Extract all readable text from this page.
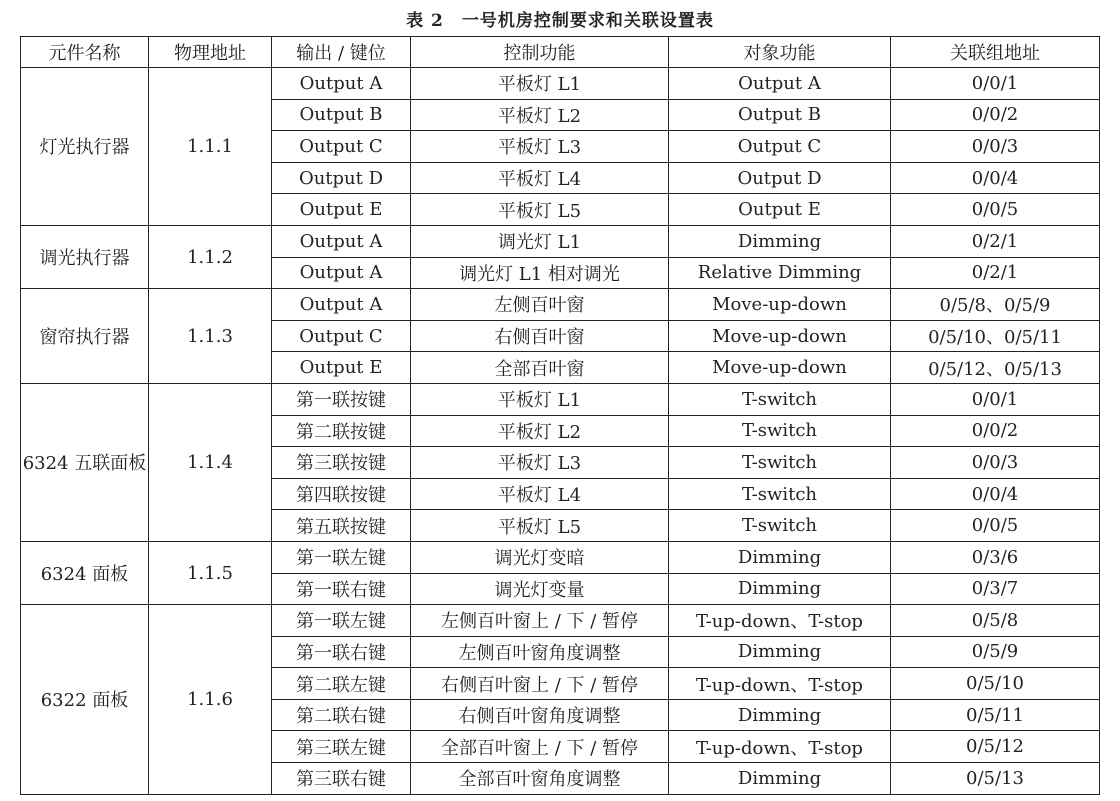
表 2　一号机房控制要求和关联设置表
元件名称	物理地址	输出 / 键位	控制功能	对象功能	关联组地址
灯光执行器	1.1.1	Output A	平板灯 L1	Output A	0/0/1
		Output B	平板灯 L2	Output B	0/0/2
		Output C	平板灯 L3	Output C	0/0/3
		Output D	平板灯 L4	Output D	0/0/4
		Output E	平板灯 L5	Output E	0/0/5
调光执行器	1.1.2	Output A	调光灯 L1	Dimming	0/2/1
		Output A	调光灯 L1 相对调光	Relative Dimming	0/2/1
窗帘执行器	1.1.3	Output A	左侧百叶窗	Move-up-down	0/5/8、0/5/9
		Output C	右侧百叶窗	Move-up-down	0/5/10、0/5/11
		Output E	全部百叶窗	Move-up-down	0/5/12、0/5/13
6324 五联面板	1.1.4	第一联按键	平板灯 L1	T-switch	0/0/1
		第二联按键	平板灯 L2	T-switch	0/0/2
		第三联按键	平板灯 L3	T-switch	0/0/3
		第四联按键	平板灯 L4	T-switch	0/0/4
		第五联按键	平板灯 L5	T-switch	0/0/5
6324 面板	1.1.5	第一联左键	调光灯变暗	Dimming	0/3/6
		第一联右键	调光灯变量	Dimming	0/3/7
6322 面板	1.1.6	第一联左键	左侧百叶窗上 / 下 / 暂停	T-up-down、T-stop	0/5/8
		第一联右键	左侧百叶窗角度调整	Dimming	0/5/9
		第二联左键	右侧百叶窗上 / 下 / 暂停	T-up-down、T-stop	0/5/10
		第二联右键	右侧百叶窗角度调整	Dimming	0/5/11
		第三联左键	全部百叶窗上 / 下 / 暂停	T-up-down、T-stop	0/5/12
		第三联右键	全部百叶窗角度调整	Dimming	0/5/13
